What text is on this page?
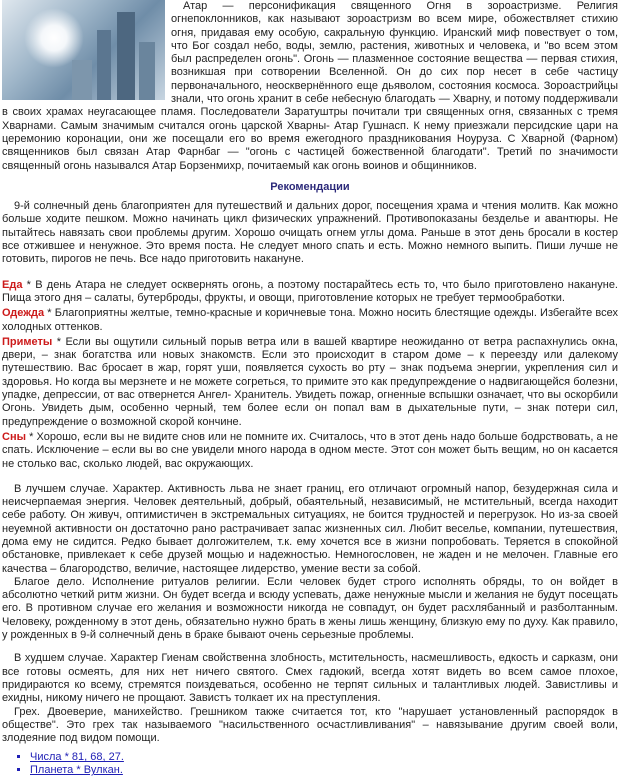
Атар — персонификация священного Огня в зороастризме. Религия огнепоклонников, как называют зороастризм во всем мире, обожествляет стихию огня, придавая ему особую, сакральную функцию. Иранский миф повествует о том, что Бог создал небо, воды, землю, растения, животных и человека, и "во всем этом был распределен огонь". Огонь — плазменное состояние вещества — первая стихия, возникшая при сотворении Вселенной. Он до сих пор несет в себе частицу первоначального, неосквернённого еще дьяволом, состояния космоса. Зороастрийцы знали, что огонь хранит в себе небесную благодать — Хварну, и потому поддерживали в своих храмах неугасающее пламя. Последователи Заратуштры почитали три священных огня, связанных с тремя Хварнами. Самым значимым считался огонь царской Хварны- Атар Гушнасп. К нему приезжали персидские цари на церемонию коронации, они же посещали его во время ежегодного праздникования Ноуруза. С Хварной (Фарном) священников был связан Атар Фарнбаг — "огонь с частицей божественной благодати". Третий по значимости священный огонь назывался Атар Борзенмихр, почитаемый как огонь воинов и общинников.

Рекомендации

9-й солнечный день благоприятен для путешествий и дальних дорог, посещения храма и чтения молитв. Как можно больше ходите пешком. Можно начинать цикл физических упражнений. Противопоказаны безделье и авантюры. Не пытайтесь навязать свои проблемы другим. Хорошо очищать огнем углы дома. Раньше в этот день бросали в костер все отжившее и ненужное. Это время поста. Не следует много спать и есть. Можно немного выпить. Пиши лучше не готовить, пирогов не печь. Все надо приготовить накануне.

Еда * В день Атара не следует осквернять огонь, а поэтому постарайтесь есть то, что было приготовлено накануне. Пища этого дня – салаты, бутерброды, фрукты, и овощи, приготовление которых не требует термообработки.

Одежда * Благоприятны желтые, темно-красные и коричневые тона. Можно носить блестящие одежды. Избегайте всех холодных оттенков.

Приметы * Если вы ощутили сильный порыв ветра или в вашей квартире неожиданно от ветра распахнулись окна, двери, – знак богатства или новых знакомств. Если это происходит в старом доме – к переезду или далекому путешествию. Вас бросает в жар, горят уши, появляется сухость во рту – знак подъема энергии, укрепления сил и здоровья. Но когда вы мерзнете и не можете согреться, то примите это как предупреждение о надвигающейся болезни, упадке, депрессии, от вас отвернется Ангел- Хранитель. Увидеть пожар, огненные вспышки означает, что вы оскорбили Огонь. Увидеть дым, особенно черный, тем более если он попал вам в дыхательные пути, – знак потери сил, предупреждение о возможной скорой кончине.

Сны * Хорошо, если вы не видите снов или не помните их. Считалось, что в этот день надо больше бодрствовать, а не спать. Исключение – если вы во сне увидели много народа в одном месте. Этот сон может быть вещим, но он касается не столько вас, сколько людей, вас окружающих.

В лучшем случае. Характер. Активность льва не знает границ, его отличают огромный напор, безудержная сила и неисчерпаемая энергия. Человек деятельный, добрый, обаятельный, независимый, не мстительный, всегда находит себе работу. Он живуч, оптимистичен в экстремальных ситуациях, не боится трудностей и перегрузок. Но из-за своей неуемной активности он достаточно рано растрачивает запас жизненных сил. Любит веселье, компании, путешествия, дома ему не сидится. Редко бывает долгожителем, т.к. ему хочется все в жизни попробовать. Теряется в спокойной обстановке, привлекает к себе друзей мощью и надежностью. Немногословен, не жаден и не мелочен. Главные его качества – благородство, величие, настоящее лидерство, умение вести за собой.

Благое дело. Исполнение ритуалов религии. Если человек будет строго исполнять обряды, то он войдет в абсолютно четкий ритм жизни. Он будет всегда и всюду успевать, даже ненужные мысли и желания не будут посещать его. В противном случае его желания и возможности никогда не совпадут, он будет расхлябанный и разболтанным. Человеку, рожденному в этот день, обязательно нужно брать в жены лишь женщину, близкую ему по духу. Как правило, у рожденных в 9-й солнечный день в браке бывают очень серьезные проблемы.

В худшем случае. Характер Гиенам свойственна злобность, мстительность, насмешливость, едкость и сарказм, они все готовы осмеять, для них нет ничего святого. Смех гадюкий, всегда хотят видеть во всем самое плохое, придираются ко всему, стремятся поиздеваться, особенно не терпят сильных и талантливых людей. Завистливы и ехидны, никому ничего не прощают. Завистъ толкает их на преступления.

Грех. Двоеверие, манихейство. Грешником также считается тот, кто "нарушает установленный распорядок в обществе". Это грех так называемого "насильственного осчастливливания" – навязывание другим своей воли, злодеяние под видом помощи.

▪ Числа * 81, 68, 27.
▪ Планета * Вулкан.
